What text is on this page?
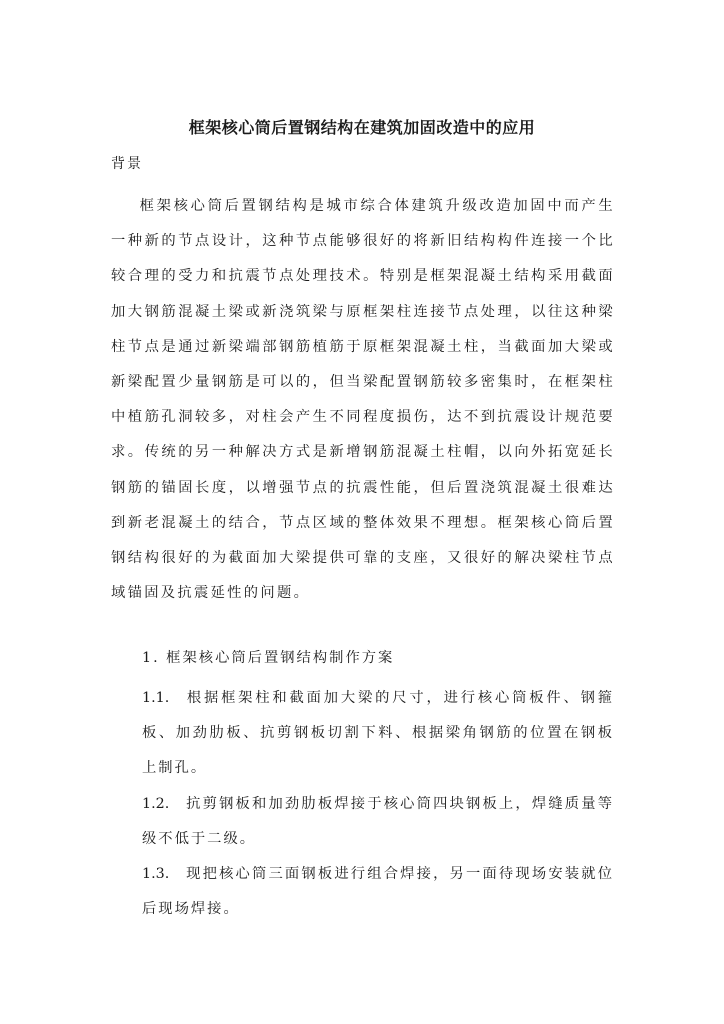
框架核心筒后置钢结构在建筑加固改造中的应用
背景

框架核心筒后置钢结构是城市综合体建筑升级改造加固中而产生一种新的节点设计，这种节点能够很好的将新旧结构构件连接一个比较合理的受力和抗震节点处理技术。特别是框架混凝土结构采用截面加大钢筋混凝土梁或新浇筑梁与原框架柱连接节点处理，以往这种梁柱节点是通过新梁端部钢筋植筋于原框架混凝土柱，当截面加大梁或新梁配置少量钢筋是可以的，但当梁配置钢筋较多密集时，在框架柱中植筋孔洞较多，对柱会产生不同程度损伤，达不到抗震设计规范要求。传统的另一种解决方式是新增钢筋混凝土柱帽，以向外拓宽延长钢筋的锚固长度，以增强节点的抗震性能，但后置浇筑混凝土很难达到新老混凝土的结合，节点区域的整体效果不理想。框架核心筒后置钢结构很好的为截面加大梁提供可靠的支座，又很好的解决梁柱节点域锚固及抗震延性的问题。

1. 框架核心筒后置钢结构制作方案

1.1. 根据框架柱和截面加大梁的尺寸，进行核心筒板件、钢箍板、加劲肋板、抗剪钢板切割下料、根据梁角钢筋的位置在钢板上制孔。

1.2. 抗剪钢板和加劲肋板焊接于核心筒四块钢板上，焊缝质量等级不低于二级。

1.3. 现把核心筒三面钢板进行组合焊接，另一面待现场安装就位后现场焊接。
